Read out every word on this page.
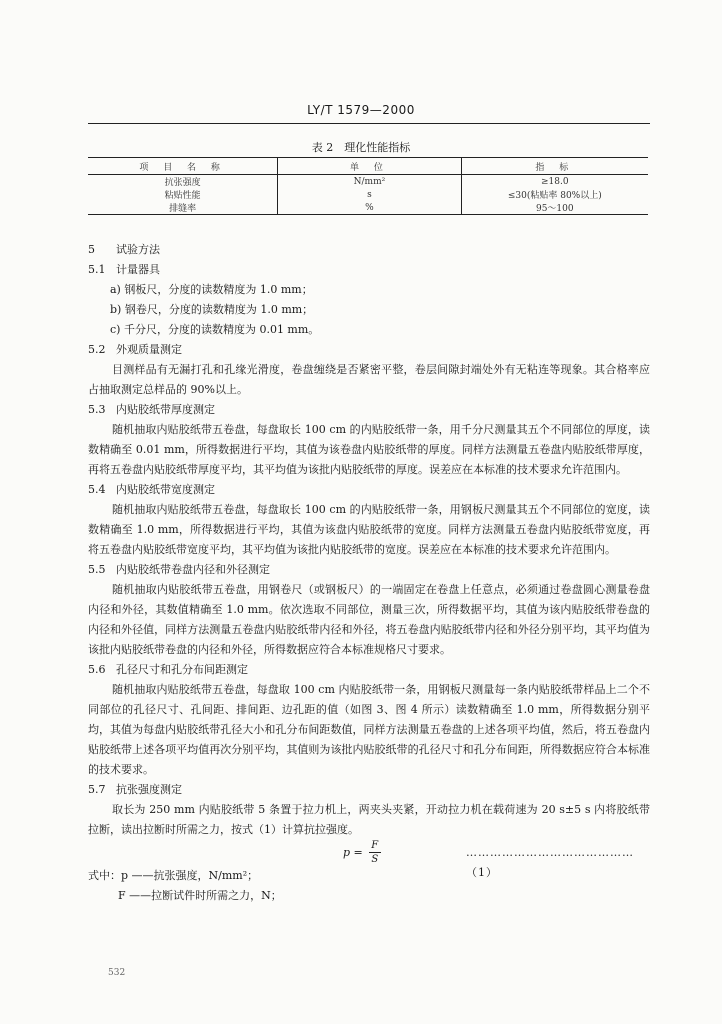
LY/T 1579—2000
表 2　理化性能指标
项 目 名 称	单 位	指 标
抗张强度	N/mm²	≥18.0
粘贴性能	s	≤30(粘贴率 80%以上)
排缝率	%	95～100

5 试验方法

5.1 计量器具

a) 钢板尺，分度的读数精度为 1.0 mm；

b) 钢卷尺，分度的读数精度为 1.0 mm；

c) 千分尺，分度的读数精度为 0.01 mm。

5.2 外观质量测定

目测样品有无漏打孔和孔缘光滑度，卷盘缠绕是否紧密平整，卷层间隙封端处外有无粘连等现象。其合格率应占抽取测定总样品的 90%以上。

5.3 内贴胶纸带厚度测定

随机抽取内贴胶纸带五卷盘，每盘取长 100 cm 的内贴胶纸带一条，用千分尺测量其五个不同部位的厚度，读数精确至 0.01 mm，所得数据进行平均，其值为该卷盘内贴胶纸带的厚度。同样方法测量五卷盘内贴胶纸带厚度，再将五卷盘内贴胶纸带厚度平均，其平均值为该批内贴胶纸带的厚度。误差应在本标准的技术要求允许范围内。

5.4 内贴胶纸带宽度测定

随机抽取内贴胶纸带五卷盘，每盘取长 100 cm 的内贴胶纸带一条，用钢板尺测量其五个不同部位的宽度，读数精确至 1.0 mm，所得数据进行平均，其值为该盘内贴胶纸带的宽度。同样方法测量五卷盘内贴胶纸带宽度，再将五卷盘内贴胶纸带宽度平均，其平均值为该批内贴胶纸带的宽度。误差应在本标准的技术要求允许范围内。

5.5 内贴胶纸带卷盘内径和外径测定

随机抽取内贴胶纸带五卷盘，用钢卷尺（或钢板尺）的一端固定在卷盘上任意点，必须通过卷盘圆心测量卷盘内径和外径，其数值精确至 1.0 mm。依次选取不同部位，测量三次，所得数据平均，其值为该内贴胶纸带卷盘的内径和外径值，同样方法测量五卷盘内贴胶纸带内径和外径，将五卷盘内贴胶纸带内径和外径分别平均，其平均值为该批内贴胶纸带卷盘的内径和外径，所得数据应符合本标准规格尺寸要求。

5.6 孔径尺寸和孔分布间距测定

随机抽取内贴胶纸带五卷盘，每盘取 100 cm 内贴胶纸带一条，用钢板尺测量每一条内贴胶纸带样品上二个不同部位的孔径尺寸、孔间距、排间距、边孔距的值（如图 3、图 4 所示）读数精确至 1.0 mm，所得数据分别平均，其值为每盘内贴胶纸带孔径大小和孔分布间距数值，同样方法测量五卷盘的上述各项平均值，然后，将五卷盘内贴胶纸带上述各项平均值再次分别平均，其值则为该批内贴胶纸带的孔径尺寸和孔分布间距，所得数据应符合本标准的技术要求。

5.7 抗张强度测定

取长为 250 mm 内贴胶纸带 5 条置于拉力机上，两夹头夹紧，开动拉力机在载荷速为 20 s±5 s 内将胶纸带拉断，读出拉断时所需之力，按式（1）计算抗拉强度。

$p = \frac{F}{S}$	……………………………………（1）

式中：p ——抗张强度，N/mm²；

F ——拉断试件时所需之力，N；

532
